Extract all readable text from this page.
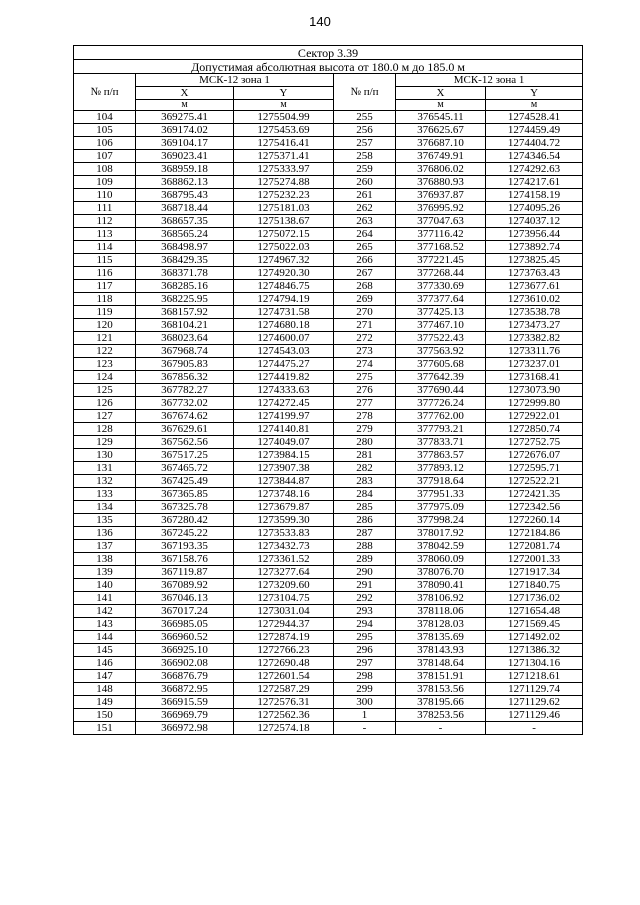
140
Сектор 3.39					
Допустимая абсолютная высота от 180.0 м до 185.0 м					
№ п/п	МСК-12 зона 1		№ п/п	МСК-12 зона 1	
	X	Y		X	Y
	м	м		м	м
104	369275.41	1275504.99	255	376545.11	1274528.41
105	369174.02	1275453.69	256	376625.67	1274459.49
106	369104.17	1275416.41	257	376687.10	1274404.72
107	369023.41	1275371.41	258	376749.91	1274346.54
108	368959.18	1275333.97	259	376806.02	1274292.63
109	368862.13	1275274.88	260	376880.93	1274217.61
110	368795.43	1275232.23	261	376937.87	1274158.19
111	368718.44	1275181.03	262	376995.92	1274095.26
112	368657.35	1275138.67	263	377047.63	1274037.12
113	368565.24	1275072.15	264	377116.42	1273956.44
114	368498.97	1275022.03	265	377168.52	1273892.74
115	368429.35	1274967.32	266	377221.45	1273825.45
116	368371.78	1274920.30	267	377268.44	1273763.43
117	368285.16	1274846.75	268	377330.69	1273677.61
118	368225.95	1274794.19	269	377377.64	1273610.02
119	368157.92	1274731.58	270	377425.13	1273538.78
120	368104.21	1274680.18	271	377467.10	1273473.27
121	368023.64	1274600.07	272	377522.43	1273382.82
122	367968.74	1274543.03	273	377563.92	1273311.76
123	367905.83	1274475.27	274	377605.68	1273237.01
124	367856.32	1274419.82	275	377642.39	1273168.41
125	367782.27	1274333.63	276	377690.44	1273073.90
126	367732.02	1274272.45	277	377726.24	1272999.80
127	367674.62	1274199.97	278	377762.00	1272922.01
128	367629.61	1274140.81	279	377793.21	1272850.74
129	367562.56	1274049.07	280	377833.71	1272752.75
130	367517.25	1273984.15	281	377863.57	1272676.07
131	367465.72	1273907.38	282	377893.12	1272595.71
132	367425.49	1273844.87	283	377918.64	1272522.21
133	367365.85	1273748.16	284	377951.33	1272421.35
134	367325.78	1273679.87	285	377975.09	1272342.56
135	367280.42	1273599.30	286	377998.24	1272260.14
136	367245.22	1273533.83	287	378017.92	1272184.86
137	367193.35	1273432.73	288	378042.59	1272081.74
138	367158.76	1273361.52	289	378060.09	1272001.33
139	367119.87	1273277.64	290	378076.70	1271917.34
140	367089.92	1273209.60	291	378090.41	1271840.75
141	367046.13	1273104.75	292	378106.92	1271736.02
142	367017.24	1273031.04	293	378118.06	1271654.48
143	366985.05	1272944.37	294	378128.03	1271569.45
144	366960.52	1272874.19	295	378135.69	1271492.02
145	366925.10	1272766.23	296	378143.93	1271386.32
146	366902.08	1272690.48	297	378148.64	1271304.16
147	366876.79	1272601.54	298	378151.91	1271218.61
148	366872.95	1272587.29	299	378153.56	1271129.74
149	366915.59	1272576.31	300	378195.66	1271129.62
150	366969.79	1272562.36	1	378253.56	1271129.46
151	366972.98	1272574.18	-	-	-
